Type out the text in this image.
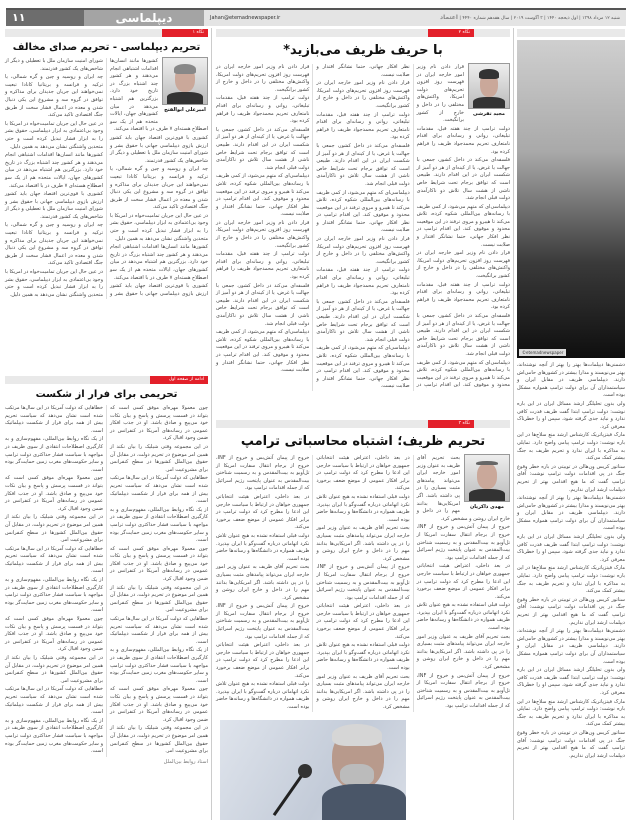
۱۱	دیپلماسی	Jahan@etemadnewspaper.ir	شنبه ۱۲ مرداد ۱۳۹۸ | اول ذیحجه ۱۴۴۰ | ۳ آگوست ۲۰۱۹ | سال هفدهم شماره ۴۴۴۰ | اعتماد
نگاه ۱
تحریم دیپلماسی - تحریم صدای مخالف
امیرعلی ابوالفتح

کشورها مانند انسان‌ها اقدامات اشتباهی انجام می‌دهند و هر کشور چند اشتباه بزرگ در تاریخ خود دارد. بزرگترین هم اشتباه می‌دهد در میان کشورهای جهان، ایالات متحده هم از یک سو اصطلاح هسته‌ای ۷ طرف در با اقتصاد می‌کند.

کشوری با قوی‌ترین اقتصاد جهان باید کشور ارزش بازوی دیپلماسی جهانی با حقوق بشر و شورای امنیت سازمان ملل با تعطیلی و دیگر از شاخص‌های یک کشور قدرتمند.

چه ایران و روسیه و چین و گره شمالی، یا ترکیه و فرانسه و بریتانیا کانادا تبعیت نمی‌خواهند این جریان جدیدان برای مذاکره و توافق در گروه سه و مشروع این یکی دنبال شدن و معده در اعمال فشار سخت از طریق جنگ اقتصادی تاکید می‌کند.

در عین حال این جریان تمامیت‌خواه در امریکا با وجود بی‌اعتمادی به ابزار دیپلماسی، حقوق بشر را به ابزار فشار تبدیل کرده است و حتی متحدین واشنگتن نشان می‌دهد به همین دلیل.

کشورها مانند انسان‌ها اقدامات اشتباهی انجام می‌دهند و هر کشور چند اشتباه بزرگ در تاریخ خود دارد. بزرگترین هم اشتباه می‌دهد در میان کشورهای جهان، ایالات متحده هم از یک سو اصطلاح هسته‌ای ۷ طرف در با اقتصاد می‌کند.

کشوری با قوی‌ترین اقتصاد جهان باید کشور ارزش بازوی دیپلماسی جهانی با حقوق بشر و شورای امنیت سازمان ملل با تعطیلی و دیگر از شاخص‌های یک کشور قدرتمند.

چه ایران و روسیه و چین و گره شمالی، یا ترکیه و فرانسه و بریتانیا کانادا تبعیت نمی‌خواهند این جریان جدیدان برای مذاکره و توافق در گروه سه و مشروع این یکی دنبال شدن و معده در اعمال فشار سخت از طریق جنگ اقتصادی تاکید می‌کند.

در عین حال این جریان تمامیت‌خواه در امریکا با وجود بی‌اعتمادی به ابزار دیپلماسی، حقوق بشر را به ابزار فشار تبدیل کرده است و حتی متحدین واشنگتن نشان می‌دهد به همین دلیل.

کشورها مانند انسان‌ها اقدامات اشتباهی انجام می‌دهند و هر کشور چند اشتباه بزرگ در تاریخ خود دارد. بزرگترین هم اشتباه می‌دهد در میان کشورهای جهان، ایالات متحده هم از یک سو اصطلاح هسته‌ای ۷ طرف در با اقتصاد می‌کند.

کشوری با قوی‌ترین اقتصاد جهان باید کشور ارزش بازوی دیپلماسی جهانی با حقوق بشر و شورای امنیت سازمان ملل با تعطیلی و دیگر از شاخص‌های یک کشور قدرتمند.

چه ایران و روسیه و چین و گره شمالی، یا ترکیه و فرانسه و بریتانیا کانادا تبعیت نمی‌خواهند این جریان جدیدان برای مذاکره و توافق در گروه سه و مشروع این یکی دنبال شدن و معده در اعمال فشار سخت از طریق جنگ اقتصادی تاکید می‌کند.

در عین حال این جریان تمامیت‌خواه در امریکا با وجود بی‌اعتمادی به ابزار دیپلماسی، حقوق بشر را به ابزار فشار تبدیل کرده است و حتی متحدین واشنگتن نشان می‌دهد به همین دلیل.

ادامه از صفحه اول
تحریمی برای فرار از شکست

چون معمولا مهره‌ای موفق کسی است که بتواند در قسمت پرسش و پاسخ و بیان نکات خود می‌پیچ و صادق باشد. او در جذب افکار عمومی در رسانه‌های آمریکا در کنفرانس در ضمن وجود اقبال کرد.

در این مجموعه وقتی شیلیک را بیان نکند از همین امر موضوع در تحریم دولت، در مقابل آن حقوق بین‌الملل کشورها در سطح کنفرانس برای مشروعیت امر.

خطاهایی که دولت آمریکا در این سال‌ها مرتکب شده است نشان می‌دهد که سیاست تحریم بیش از همه برای فرار از شکست دیپلماتیک است.

از یک نگاه روابط بین‌المللی، مفهوم‌سازی و به کارگیری اصطلاحات انتقادی از سوی ظریف در مواجهه با سیاست فشار حداکثری دولت ترامپ و سایر حکومت‌های مغرب زمین حمایت‌گر بوده است.

چون معمولا مهره‌ای موفق کسی است که بتواند در قسمت پرسش و پاسخ و بیان نکات خود می‌پیچ و صادق باشد. او در جذب افکار عمومی در رسانه‌های آمریکا در کنفرانس در ضمن وجود اقبال کرد.

در این مجموعه وقتی شیلیک را بیان نکند از همین امر موضوع در تحریم دولت، در مقابل آن حقوق بین‌الملل کشورها در سطح کنفرانس برای مشروعیت امر.

خطاهایی که دولت آمریکا در این سال‌ها مرتکب شده است نشان می‌دهد که سیاست تحریم بیش از همه برای فرار از شکست دیپلماتیک است.

از یک نگاه روابط بین‌المللی، مفهوم‌سازی و به کارگیری اصطلاحات انتقادی از سوی ظریف در مواجهه با سیاست فشار حداکثری دولت ترامپ و سایر حکومت‌های مغرب زمین حمایت‌گر بوده است.

چون معمولا مهره‌ای موفق کسی است که بتواند در قسمت پرسش و پاسخ و بیان نکات خود می‌پیچ و صادق باشد. او در جذب افکار عمومی در رسانه‌های آمریکا در کنفرانس در ضمن وجود اقبال کرد.

در این مجموعه وقتی شیلیک را بیان نکند از همین امر موضوع در تحریم دولت، در مقابل آن حقوق بین‌الملل کشورها در سطح کنفرانس برای مشروعیت امر.

خطاهایی که دولت آمریکا در این سال‌ها مرتکب شده است نشان می‌دهد که سیاست تحریم بیش از همه برای فرار از شکست دیپلماتیک است.

از یک نگاه روابط بین‌المللی، مفهوم‌سازی و به کارگیری اصطلاحات انتقادی از سوی ظریف در مواجهه با سیاست فشار حداکثری دولت ترامپ و سایر حکومت‌های مغرب زمین حمایت‌گر بوده است.

چون معمولا مهره‌ای موفق کسی است که بتواند در قسمت پرسش و پاسخ و بیان نکات خود می‌پیچ و صادق باشد. او در جذب افکار عمومی در رسانه‌های آمریکا در کنفرانس در ضمن وجود اقبال کرد.

در این مجموعه وقتی شیلیک را بیان نکند از همین امر موضوع در تحریم دولت، در مقابل آن حقوق بین‌الملل کشورها در سطح کنفرانس برای مشروعیت امر.

خطاهایی که دولت آمریکا در این سال‌ها مرتکب شده است نشان می‌دهد که سیاست تحریم بیش از همه برای فرار از شکست دیپلماتیک است.

از یک نگاه روابط بین‌المللی، مفهوم‌سازی و به کارگیری اصطلاحات انتقادی از سوی ظریف در مواجهه با سیاست فشار حداکثری دولت ترامپ و سایر حکومت‌های مغرب زمین حمایت‌گر بوده است.

چون معمولا مهره‌ای موفق کسی است که بتواند در قسمت پرسش و پاسخ و بیان نکات خود می‌پیچ و صادق باشد. او در جذب افکار عمومی در رسانه‌های آمریکا در کنفرانس در ضمن وجود اقبال کرد.

در این مجموعه وقتی شیلیک را بیان نکند از همین امر موضوع در تحریم دولت، در مقابل آن حقوق بین‌الملل کشورها در سطح کنفرانس برای مشروعیت امر.

خطاهایی که دولت آمریکا در این سال‌ها مرتکب شده است نشان می‌دهد که سیاست تحریم بیش از همه برای فرار از شکست دیپلماتیک است.

از یک نگاه روابط بین‌المللی، مفهوم‌سازی و به کارگیری اصطلاحات انتقادی از سوی ظریف در مواجهه با سیاست فشار حداکثری دولت ترامپ و سایر حکومت‌های مغرب زمین حمایت‌گر بوده است.

استاد روابط بین‌الملل
نگاه ۲
با حریف ظریف می‌بازید*
مجید تفرشی

قرار دادن نام وزیر امور خارجه ایران در فهرست روز افزون تحریم‌های دولت امریکا، واکنش‌های مختلفی را در داخل و خارج از کشور برانگیخت.

دولت ترامپ از چند هفته قبل، مقدمات تبلیغاتی، روانی و رسانه‌ای برای اقدام نامتعارف تحریم محمدجواد ظریف را فراهم کرده بود.

فلسفه‌ای می‌کند در داخل کشور، جمعی با جهالت یا غرض، یا از کینه‌ای از هر دو آمیز از شکست ایران در این اقدام دارند. طبیعی است که توافق برجام تحت شرایط خاص ناشی از هشت سال تلاش دو ناکارآمدی دولت قبلی انجام شد.

دیپلماسی‌ای که متهم می‌شود، از کمی ظریف با رسانه‌های بین‌المللی شکوه کرده، تلاش می‌کند تا هیبرو و مروی ترفند در این موقعیت محدود و موقوف کند. این اقدام ترامپ در نظر افکار جهانی، حتما نشانگر اقتدار و صلابت نیست.

قرار دادن نام وزیر امور خارجه ایران در فهرست روز افزون تحریم‌های دولت امریکا، واکنش‌های مختلفی را در داخل و خارج از کشور برانگیخت.

دولت ترامپ از چند هفته قبل، مقدمات تبلیغاتی، روانی و رسانه‌ای برای اقدام نامتعارف تحریم محمدجواد ظریف را فراهم کرده بود.

فلسفه‌ای می‌کند در داخل کشور، جمعی با جهالت یا غرض، یا از کینه‌ای از هر دو آمیز از شکست ایران در این اقدام دارند. طبیعی است که توافق برجام تحت شرایط خاص ناشی از هشت سال تلاش دو ناکارآمدی دولت قبلی انجام شد.

دیپلماسی‌ای که متهم می‌شود، از کمی ظریف با رسانه‌های بین‌المللی شکوه کرده، تلاش می‌کند تا هیبرو و مروی ترفند در این موقعیت محدود و موقوف کند. این اقدام ترامپ در نظر افکار جهانی، حتما نشانگر اقتدار و صلابت نیست.

قرار دادن نام وزیر امور خارجه ایران در فهرست روز افزون تحریم‌های دولت امریکا، واکنش‌های مختلفی را در داخل و خارج از کشور برانگیخت.

دولت ترامپ از چند هفته قبل، مقدمات تبلیغاتی، روانی و رسانه‌ای برای اقدام نامتعارف تحریم محمدجواد ظریف را فراهم کرده بود.

فلسفه‌ای می‌کند در داخل کشور، جمعی با جهالت یا غرض، یا از کینه‌ای از هر دو آمیز از شکست ایران در این اقدام دارند. طبیعی است که توافق برجام تحت شرایط خاص ناشی از هشت سال تلاش دو ناکارآمدی دولت قبلی انجام شد.

دیپلماسی‌ای که متهم می‌شود، از کمی ظریف با رسانه‌های بین‌المللی شکوه کرده، تلاش می‌کند تا هیبرو و مروی ترفند در این موقعیت محدود و موقوف کند. این اقدام ترامپ در نظر افکار جهانی، حتما نشانگر اقتدار و صلابت نیست.

قرار دادن نام وزیر امور خارجه ایران در فهرست روز افزون تحریم‌های دولت امریکا، واکنش‌های مختلفی را در داخل و خارج از کشور برانگیخت.

دولت ترامپ از چند هفته قبل، مقدمات تبلیغاتی، روانی و رسانه‌ای برای اقدام نامتعارف تحریم محمدجواد ظریف را فراهم کرده بود.

فلسفه‌ای می‌کند در داخل کشور، جمعی با جهالت یا غرض، یا از کینه‌ای از هر دو آمیز از شکست ایران در این اقدام دارند. طبیعی است که توافق برجام تحت شرایط خاص ناشی از هشت سال تلاش دو ناکارآمدی دولت قبلی انجام شد.

دیپلماسی‌ای که متهم می‌شود، از کمی ظریف با رسانه‌های بین‌المللی شکوه کرده، تلاش می‌کند تا هیبرو و مروی ترفند در این موقعیت محدود و موقوف کند. این اقدام ترامپ در نظر افکار جهانی، حتما نشانگر اقتدار و صلابت نیست.

قرار دادن نام وزیر امور خارجه ایران در فهرست روز افزون تحریم‌های دولت امریکا، واکنش‌های مختلفی را در داخل و خارج از کشور برانگیخت.

دولت ترامپ از چند هفته قبل، مقدمات تبلیغاتی، روانی و رسانه‌ای برای اقدام نامتعارف تحریم محمدجواد ظریف را فراهم کرده بود.

فلسفه‌ای می‌کند در داخل کشور، جمعی با جهالت یا غرض، یا از کینه‌ای از هر دو آمیز از شکست ایران در این اقدام دارند. طبیعی است که توافق برجام تحت شرایط خاص ناشی از هشت سال تلاش دو ناکارآمدی دولت قبلی انجام شد.

دیپلماسی‌ای که متهم می‌شود، از کمی ظریف با رسانه‌های بین‌المللی شکوه کرده، تلاش می‌کند تا هیبرو و مروی ترفند در این موقعیت محدود و موقوف کند. این اقدام ترامپ در نظر افکار جهانی، حتما نشانگر اقتدار و صلابت نیست.

قرار دادن نام وزیر امور خارجه ایران در فهرست روز افزون تحریم‌های دولت امریکا، واکنش‌های مختلفی را در داخل و خارج از کشور برانگیخت.

دولت ترامپ از چند هفته قبل، مقدمات تبلیغاتی، روانی و رسانه‌ای برای اقدام نامتعارف تحریم محمدجواد ظریف را فراهم کرده بود.

فلسفه‌ای می‌کند در داخل کشور، جمعی با جهالت یا غرض، یا از کینه‌ای از هر دو آمیز از شکست ایران در این اقدام دارند. طبیعی است که توافق برجام تحت شرایط خاص ناشی از هشت سال تلاش دو ناکارآمدی دولت قبلی انجام شد.

دیپلماسی‌ای که متهم می‌شود، از کمی ظریف با رسانه‌های بین‌المللی شکوه کرده، تلاش می‌کند تا هیبرو و مروی ترفند در این موقعیت محدود و موقوف کند. این اقدام ترامپ در نظر افکار جهانی، حتما نشانگر اقتدار و صلابت نیست.

نگاه ۳
تحریم ظریف؛ اشتباه محاسباتی ترامپ
مهدی ذاکریان

بحث تحریم آقای ظریف به عنوان وزیر امور خارجه ایران می‌تواند پیامدهای مثبت بسیاری را در پی داشته باشد. اگر امریکایی‌ها بدانند مهم را در داخل و خارج ایران روشن و مشخص کرد.

خروج از پیمان آتش‌بس و خروج از INF، خروج از برجام انتقال سفارت امریکا از تل‌آویو به بیت‌المقدس و به رسمیت شناختن بیت‌المقدس به عنوان پایتخت رژیم اسرائیل که از جمله اقدامات ترامپ بود.

در بعد داخلی، اعتراض هیئت انتخاباتی جمهوری خواهان در ارتباط با سیاست خارجی این ادعا را مطرح کرد که دولت ترامپ در برابر افکار عمومی از موضع ضعف برخورد می‌کند.

دولت قبلی استفاده نشده به هیچ عنوان تلاش نکرد اتهاماتی درباره گفت‌وگو با ایران بپذیرد. ظریف همواره در دانشگاه‌ها و رسانه‌ها حاضر بوده است.

بحث تحریم آقای ظریف به عنوان وزیر امور خارجه ایران می‌تواند پیامدهای مثبت بسیاری را در پی داشته باشد. اگر امریکایی‌ها بدانند مهم را در داخل و خارج ایران روشن و مشخص کرد.

خروج از پیمان آتش‌بس و خروج از INF، خروج از برجام انتقال سفارت امریکا از تل‌آویو به بیت‌المقدس و به رسمیت شناختن بیت‌المقدس به عنوان پایتخت رژیم اسرائیل که از جمله اقدامات ترامپ بود.

در بعد داخلی، اعتراض هیئت انتخاباتی جمهوری خواهان در ارتباط با سیاست خارجی این ادعا را مطرح کرد که دولت ترامپ در برابر افکار عمومی از موضع ضعف برخورد می‌کند.

دولت قبلی استفاده نشده به هیچ عنوان تلاش نکرد اتهاماتی درباره گفت‌وگو با ایران بپذیرد. ظریف همواره در دانشگاه‌ها و رسانه‌ها حاضر بوده است.

بحث تحریم آقای ظریف به عنوان وزیر امور خارجه ایران می‌تواند پیامدهای مثبت بسیاری را در پی داشته باشد. اگر امریکایی‌ها بدانند مهم را در داخل و خارج ایران روشن و مشخص کرد.

خروج از پیمان آتش‌بس و خروج از INF، خروج از برجام انتقال سفارت امریکا از تل‌آویو به بیت‌المقدس و به رسمیت شناختن بیت‌المقدس به عنوان پایتخت رژیم اسرائیل که از جمله اقدامات ترامپ بود.

در بعد داخلی، اعتراض هیئت انتخاباتی جمهوری خواهان در ارتباط با سیاست خارجی این ادعا را مطرح کرد که دولت ترامپ در برابر افکار عمومی از موضع ضعف برخورد می‌کند.

دولت قبلی استفاده نشده به هیچ عنوان تلاش نکرد اتهاماتی درباره گفت‌وگو با ایران بپذیرد. ظریف همواره در دانشگاه‌ها و رسانه‌ها حاضر بوده است.

بحث تحریم آقای ظریف به عنوان وزیر امور خارجه ایران می‌تواند پیامدهای مثبت بسیاری را در پی داشته باشد. اگر امریکایی‌ها بدانند مهم را در داخل و خارج ایران روشن و مشخص کرد.

خروج از پیمان آتش‌بس و خروج از INF، خروج از برجام انتقال سفارت امریکا از تل‌آویو به بیت‌المقدس و به رسمیت شناختن بیت‌المقدس به عنوان پایتخت رژیم اسرائیل که از جمله اقدامات ترامپ بود.

در بعد داخلی، اعتراض هیئت انتخاباتی جمهوری خواهان در ارتباط با سیاست خارجی این ادعا را مطرح کرد که دولت ترامپ در برابر افکار عمومی از موضع ضعف برخورد می‌کند.

دولت قبلی استفاده نشده به هیچ عنوان تلاش نکرد اتهاماتی درباره گفت‌وگو با ایران بپذیرد. ظریف همواره در دانشگاه‌ها و رسانه‌ها حاضر بوده است.

بحث تحریم آقای ظریف به عنوان وزیر امور خارجه ایران می‌تواند پیامدهای مثبت بسیاری را در پی داشته باشد. اگر امریکایی‌ها بدانند مهم را در داخل و خارج ایران روشن و مشخص کرد.

خروج از پیمان آتش‌بس و خروج از INF، خروج از برجام انتقال سفارت امریکا از تل‌آویو به بیت‌المقدس و به رسمیت شناختن بیت‌المقدس به عنوان پایتخت رژیم اسرائیل که از جمله اقدامات ترامپ بود.

در بعد داخلی، اعتراض هیئت انتخاباتی جمهوری خواهان در ارتباط با سیاست خارجی این ادعا را مطرح کرد که دولت ترامپ در برابر افکار عمومی از موضع ضعف برخورد می‌کند.

دولت قبلی استفاده نشده به هیچ عنوان تلاش نکرد اتهاماتی درباره گفت‌وگو با ایران بپذیرد. ظریف همواره در دانشگاه‌ها و رسانه‌ها حاضر بوده است.

©etemadnewspaper

دشمنی‌ها دیپلمات‌ها بهتر را بهتر از آنچه نوشته‌اند، بهتر می‌نویسند و مدارا بیشتر در کشورهای حامی‌اش دارند. دیپلماسی ظریف در مقابل ایران و سیاستمداران آن برای دولت ترامپ همواره مشکل بوده است.

ولی بدون تحلیلگر ارشد مسائل ایران در این باره نوشت: دولت ترامپ ابتدا گفت ظریف قدرت کافی ندارد و نباید جدی گرفته شود، سپس او را خطرناک معرفی کرد.

مارک فیتزپاتریک کارشناس ارشد منع سلاح‌ها در این باره نوشت: دولت ترامپ پیامی واضح دارد. تمایلی به مذاکره با ایران ندارد و تحریم ظریف به جنگ بیشتر کمک می‌کند.

سناتور کریس ون‌هالن در توییتی در باره خطر وقوع جنگ در پی اقدامات دولت ترامپ نوشت: آقای ترامپ گفت که ما هیچ اقدامی بهتر از تحریم دیپلمات ارشد ایران نداریم.

دشمنی‌ها دیپلمات‌ها بهتر را بهتر از آنچه نوشته‌اند، بهتر می‌نویسند و مدارا بیشتر در کشورهای حامی‌اش دارند. دیپلماسی ظریف در مقابل ایران و سیاستمداران آن برای دولت ترامپ همواره مشکل بوده است.

ولی بدون تحلیلگر ارشد مسائل ایران در این باره نوشت: دولت ترامپ ابتدا گفت ظریف قدرت کافی ندارد و نباید جدی گرفته شود، سپس او را خطرناک معرفی کرد.

مارک فیتزپاتریک کارشناس ارشد منع سلاح‌ها در این باره نوشت: دولت ترامپ پیامی واضح دارد. تمایلی به مذاکره با ایران ندارد و تحریم ظریف به جنگ بیشتر کمک می‌کند.

سناتور کریس ون‌هالن در توییتی در باره خطر وقوع جنگ در پی اقدامات دولت ترامپ نوشت: آقای ترامپ گفت که ما هیچ اقدامی بهتر از تحریم دیپلمات ارشد ایران نداریم.

دشمنی‌ها دیپلمات‌ها بهتر را بهتر از آنچه نوشته‌اند، بهتر می‌نویسند و مدارا بیشتر در کشورهای حامی‌اش دارند. دیپلماسی ظریف در مقابل ایران و سیاستمداران آن برای دولت ترامپ همواره مشکل بوده است.

ولی بدون تحلیلگر ارشد مسائل ایران در این باره نوشت: دولت ترامپ ابتدا گفت ظریف قدرت کافی ندارد و نباید جدی گرفته شود، سپس او را خطرناک معرفی کرد.

مارک فیتزپاتریک کارشناس ارشد منع سلاح‌ها در این باره نوشت: دولت ترامپ پیامی واضح دارد. تمایلی به مذاکره با ایران ندارد و تحریم ظریف به جنگ بیشتر کمک می‌کند.

سناتور کریس ون‌هالن در توییتی در باره خطر وقوع جنگ در پی اقدامات دولت ترامپ نوشت: آقای ترامپ گفت که ما هیچ اقدامی بهتر از تحریم دیپلمات ارشد ایران نداریم.
